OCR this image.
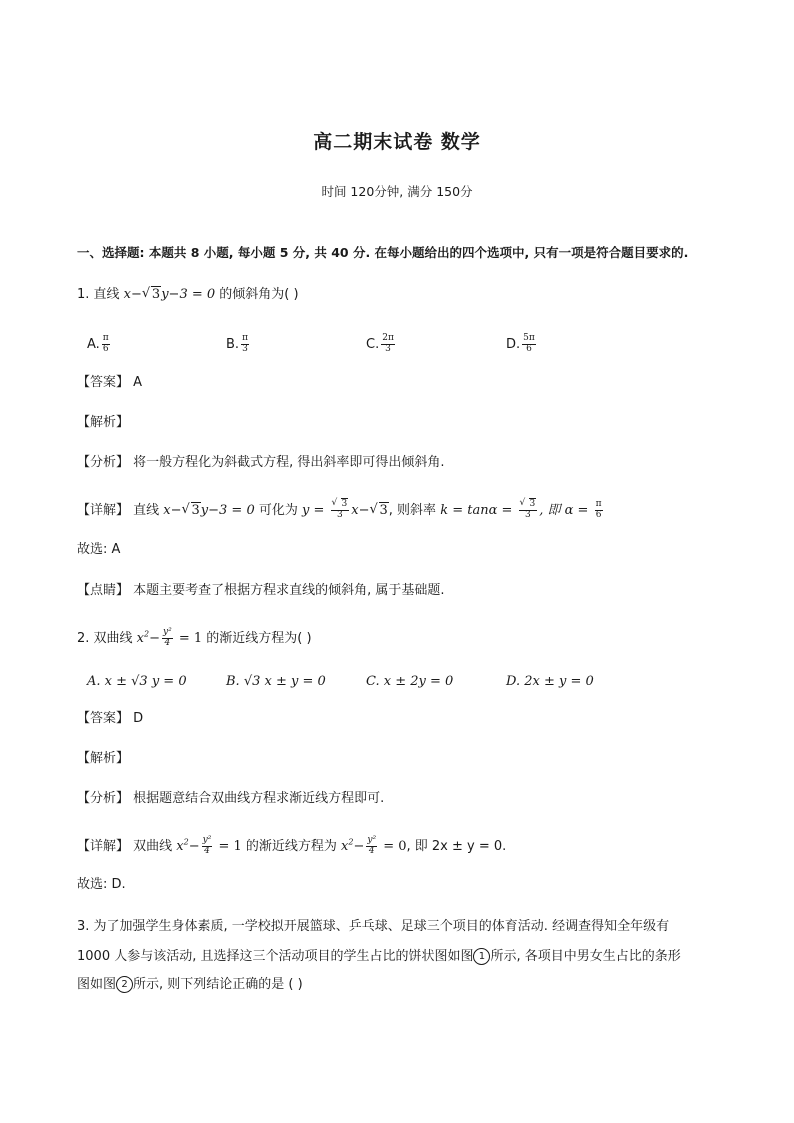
高二期末试卷 数学
时间 120分钟, 满分 150分
一、选择题: 本题共 8 小题, 每小题 5 分, 共 40 分. 在每小题给出的四个选项中, 只有一项是符合题目要求的.
1. 直线 x−√ 3y−3 = 0 的倾斜角为( )
A. $\frac{\pi}{6}$	B. $\frac{\pi}{3}$	C. $\frac{2\pi}{3}$	D. $\frac{5\pi}{6}$
【答案】 A
【解析】
【分析】 将一般方程化为斜截式方程, 得出斜率即可得出倾斜角.
【详解】 直线 x−√ 3y−3 = 0 可化为 y =
√ $\frac{3}{3} x-√$ 3, 则斜率 k = tanα =
√ $\frac{3}{3}$ , 即 $\alpha = \frac{\pi}{6}$
故选: A
【点睛】 本题主要考查了根据方程求直线的倾斜角, 属于基础题.
2. 双曲线 $x^2- \frac{\text{y²}}{4} = 1$ 的渐近线方程为( )
A. x ± √3 y = 0	B. √3 x ± y = 0	C. x ± 2y = 0	D. 2x ± y = 0
【答案】 D
【解析】
【分析】 根据题意结合双曲线方程求渐近线方程即可.
【详解】 双曲线 $x^2- \frac{\text{y²}}{4} = 1$ 的渐近线方程为 $x^2- \frac{\text{y²}}{4} = 0$, 即 2x ± y = 0.
故选: D.
3. 为了加强学生身体素质, 一学校拟开展篮球、乒乓球、足球三个项目的体育活动. 经调查得知全年级有
1000 人参与该活动, 且选择这三个活动项目的学生占比的饼状图如图 1 所示, 各项目中男女生占比的条形
图如图 2 所示, 则下列结论正确的是 ( )
